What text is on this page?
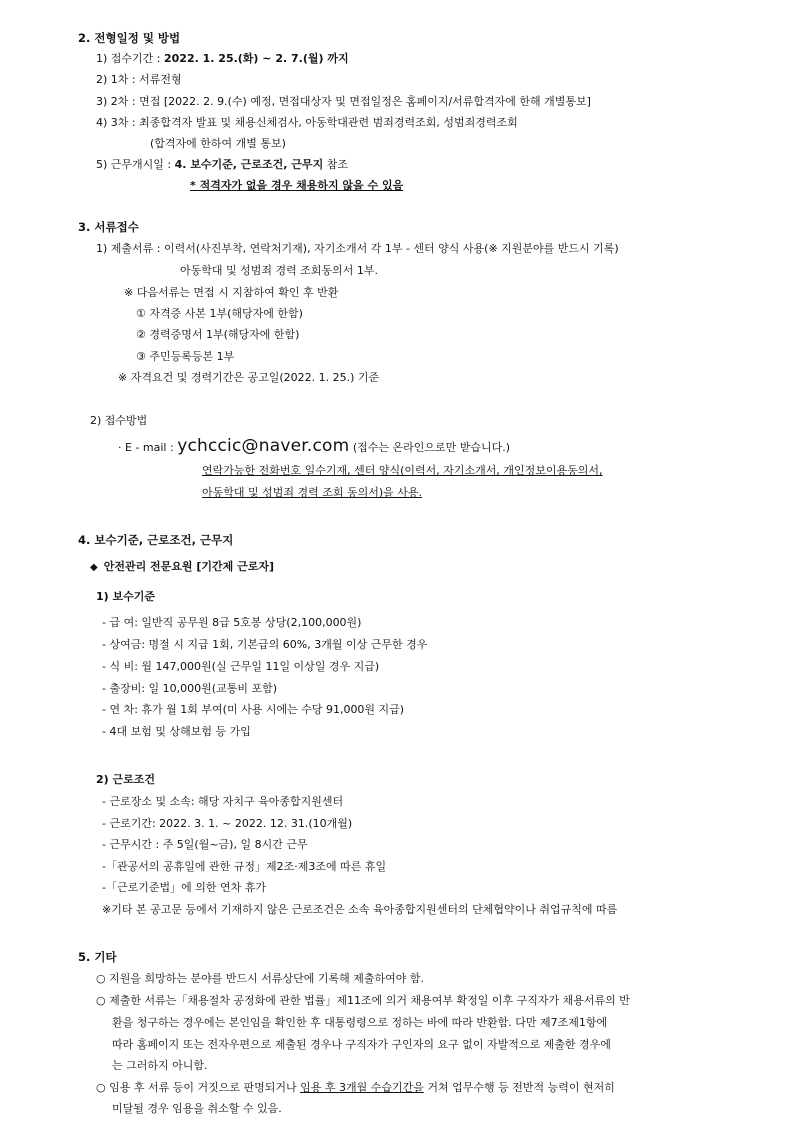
2. 전형일정 및 방법
1) 접수기간 : 2022. 1. 25.(화) ~ 2. 7.(월) 까지
2) 1차 : 서류전형
3) 2차 : 면접 [2022. 2. 9.(수) 예정, 면접대상자 및 면접일정은 홈페이지/서류합격자에 한해 개별통보]
4) 3차 : 최종합격자 발표 및 채용신체검사, 아동학대관련 범죄경력조회, 성범죄경력조회
(합격자에 한하여 개별 통보)
5) 근무개시일 : 4. 보수기준, 근로조건, 근무지 참조
* 적격자가 없을 경우 채용하지 않을 수 있음
3. 서류접수
1) 제출서류 : 이력서(사진부착, 연락처기재), 자기소개서 각 1부 - 센터 양식 사용(※ 지원분야를 반드시 기록)
아동학대 및 성범죄 경력 조회동의서 1부.
※ 다음서류는 면접 시 지참하여 확인 후 반환
① 자격증 사본 1부(해당자에 한함)
② 경력증명서 1부(해당자에 한함)
③ 주민등록등본 1부
※ 자격요건 및 경력기간은 공고일(2022. 1. 25.) 기준
2) 접수방법
· E - mail : ychccic@naver.com (접수는 온라인으로만 받습니다.)
연락가능한 전화번호 일수기재, 센터 양식(이력서, 자기소개서, 개인정보이용동의서,
아동학대 및 성범죄 경력 조회 동의서)을 사용.
4. 보수기준, 근로조건, 근무지
◆ 안전관리 전문요원 [기간제 근로자]
1) 보수기준
- 급 여: 일반직 공무원 8급 5호봉 상당(2,100,000원)
- 상여금: 명절 시 지급 1회, 기본급의 60%, 3개월 이상 근무한 경우
- 식 비: 월 147,000원(실 근무일 11일 이상일 경우 지급)
- 출장비: 일 10,000원(교통비 포함)
- 연 차: 휴가 월 1회 부여(미 사용 시에는 수당 91,000원 지급)
- 4대 보험 및 상해보험 등 가입
2) 근로조건
- 근로장소 및 소속: 해당 자치구 육아종합지원센터
- 근로기간: 2022. 3. 1. ~ 2022. 12. 31.(10개월)
- 근무시간 : 주 5일(월~금), 일 8시간 근무
-「관공서의 공휴일에 관한 규정」제2조·제3조에 따른 휴일
-「근로기준법」에 의한 연차 휴가
※기타 본 공고문 등에서 기재하지 않은 근로조건은 소속 육아종합지원센터의 단체협약이나 취업규칙에 따름
5. 기타
○ 지원을 희망하는 분야를 반드시 서류상단에 기록해 제출하여야 함.
○ 제출한 서류는「채용절차 공정화에 관한 법률」제11조에 의거 채용여부 확정일 이후 구직자가 채용서류의 반
환을 청구하는 경우에는 본인임을 확인한 후 대통령령으로 정하는 바에 따라 반환함. 다만 제7조제1항에
따라 홈페이지 또는 전자우편으로 제출된 경우나 구직자가 구인자의 요구 없이 자발적으로 제출한 경우에
는 그러하지 아니함.
○ 임용 후 서류 등이 거짓으로 판명되거나 임용 후 3개월 수습기간을 거쳐 업무수행 등 전반적 능력이 현저히
미달될 경우 임용을 취소할 수 있음.
